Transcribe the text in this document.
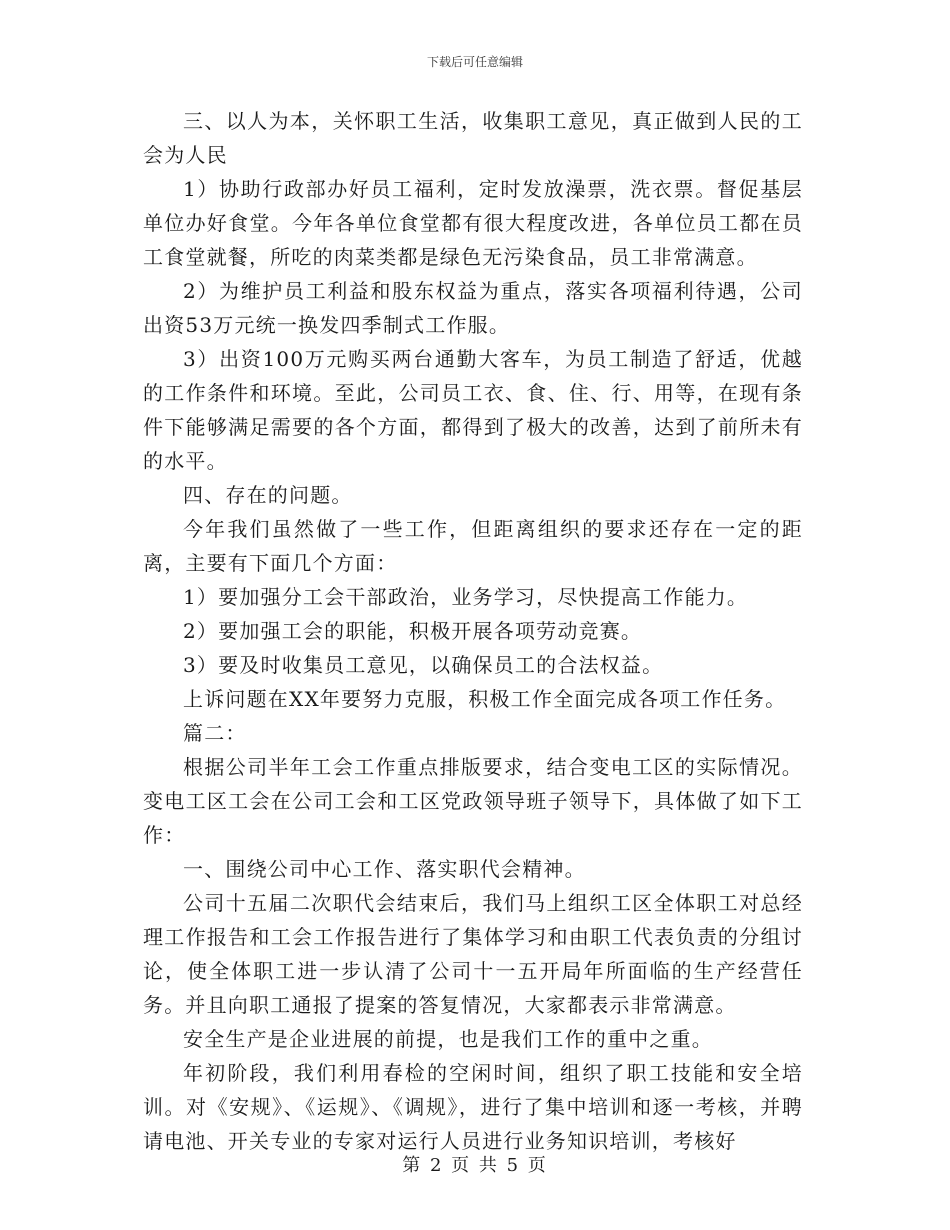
下载后可任意编辑

三、以人为本，关怀职工生活，收集职工意见，真正做到人民的工会为人民

1）协助行政部办好员工福利，定时发放澡票，洗衣票。督促基层单位办好食堂。今年各单位食堂都有很大程度改进，各单位员工都在员工食堂就餐，所吃的肉菜类都是绿色无污染食品，员工非常满意。

2）为维护员工利益和股东权益为重点，落实各项福利待遇，公司出资53万元统一换发四季制式工作服。

3）出资100万元购买两台通勤大客车，为员工制造了舒适，优越的工作条件和环境。至此，公司员工衣、食、住、行、用等，在现有条件下能够满足需要的各个方面，都得到了极大的改善，达到了前所未有的水平。

四、存在的问题。

今年我们虽然做了一些工作，但距离组织的要求还存在一定的距离，主要有下面几个方面：

1）要加强分工会干部政治，业务学习，尽快提高工作能力。

2）要加强工会的职能，积极开展各项劳动竞赛。

3）要及时收集员工意见，以确保员工的合法权益。

上诉问题在XX年要努力克服，积极工作全面完成各项工作任务。

篇二：

根据公司半年工会工作重点排版要求，结合变电工区的实际情况。变电工区工会在公司工会和工区党政领导班子领导下，具体做了如下工作：

一、围绕公司中心工作、落实职代会精神。

公司十五届二次职代会结束后，我们马上组织工区全体职工对总经理工作报告和工会工作报告进行了集体学习和由职工代表负责的分组讨论，使全体职工进一步认清了公司十一五开局年所面临的生产经营任务。并且向职工通报了提案的答复情况，大家都表示非常满意。

安全生产是企业进展的前提，也是我们工作的重中之重。

年初阶段，我们利用春检的空闲时间，组织了职工技能和安全培训。对《安规》、《运规》、《调规》，进行了集中培训和逐一考核，并聘请电池、开关专业的专家对运行人员进行业务知识培训，考核好

第 2 页 共 5 页
